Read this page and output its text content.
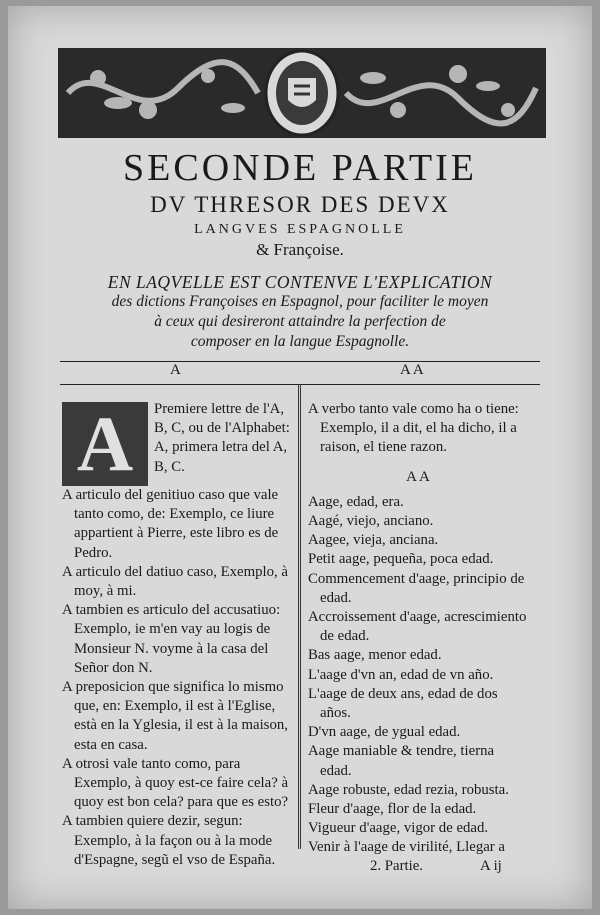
SECONDE PARTIE
DV THRESOR DES DEVX
LANGVES ESPAGNOLLE
& Françoise.
EN LAQVELLE EST CONTENVE L'EXPLICATION
des dictions Françoises en Espagnol, pour faciliter le moyen
à ceux qui desireront attaindre la perfection de
composer en la langue Espagnolle.
A	A A
A	Premiere lettre de l'A,

B, C, ou de l'Alphabet: A, primera letra del A, B, C.

A articulo del genitiuo caso que vale tanto como, de: Exemplo, ce liure appartient à Pierre, este libro es de Pedro.

A articulo del datiuo caso, Exemplo, à moy, à mi.

A tambien es articulo del accusatiuo: Exemplo, ie m'en vay au logis de Monsieur N. voyme à la casa del Señor don N.

A preposicion que significa lo mismo que, en: Exemplo, il est à l'Eglise, està en la Yglesia, il est à la maison, esta en casa.

A otrosi vale tanto como, para Exemplo, à quoy est-ce faire cela? à quoy est bon cela? para que es esto?

A tambien quiere dezir, segun: Exemplo, à la façon ou à la mode d'Espagne, segũ el vso de España.

A verbo tanto vale como ha o tiene: Exemplo, il a dit, el ha dicho, il a raison, el tiene razon.

A A

Aage, edad, era.

Aagé, viejo, anciano.

Aagee, vieja, anciana.

Petit aage, pequeña, poca edad.

Commencement d'aage, principio de edad.

Accroissement d'aage, acrescimiento de edad.

Bas aage, menor edad.

L'aage d'vn an, edad de vn año.

L'aage de deux ans, edad de dos años.

D'vn aage, de ygual edad.

Aage maniable & tendre, tierna edad.

Aage robuste, edad rezia, robusta.

Fleur d'aage, flor de la edad.

Vigueur d'aage, vigor de edad.

Venir à l'aage de virilité, Llegar a

2. Partie.	A ij
